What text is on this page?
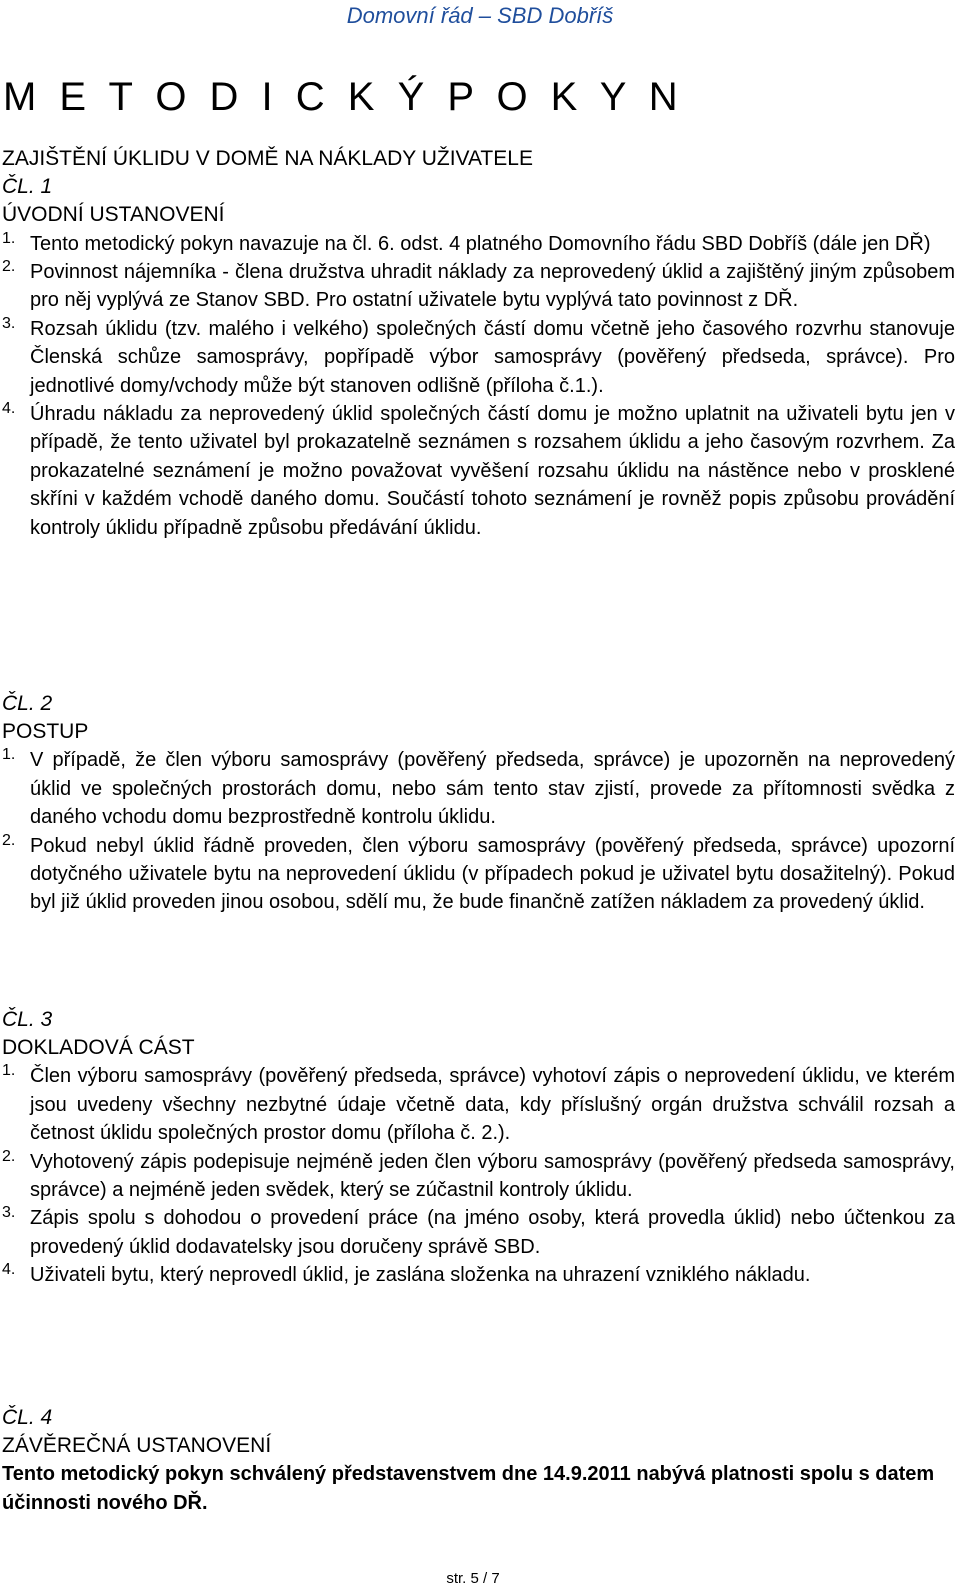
Domovní řád – SBD Dobříš
M E T O D I C K Ý P O K Y N
ZAJIŠTĚNÍ ÚKLIDU V DOMĚ NA NÁKLADY UŽIVATELE
ČL. 1
ÚVODNÍ USTANOVENÍ
1. Tento metodický pokyn navazuje na čl. 6. odst. 4 platného Domovního řádu SBD Dobříš (dále jen DŘ)
2. Povinnost nájemníka - člena družstva uhradit náklady za neprovedený úklid a zajištěný jiným způsobem pro něj vyplývá ze Stanov SBD. Pro ostatní uživatele bytu vyplývá tato povinnost z DŘ.
3. Rozsah úklidu (tzv. malého i velkého) společných částí domu včetně jeho časového rozvrhu stanovuje Členská schůze samosprávy, popřípadě výbor samosprávy (pověřený předseda, správce). Pro jednotlivé domy/vchody může být stanoven odlišně (příloha č.1.).
4. Úhradu nákladu za neprovedený úklid společných částí domu je možno uplatnit na uživateli bytu jen v případě, že tento uživatel byl prokazatelně seznámen s rozsahem úklidu a jeho časovým rozvrhem. Za prokazatelné seznámení je možno považovat vyvěšení rozsahu úklidu na nástěnce nebo v prosklené skříni v každém vchodě daného domu. Součástí tohoto seznámení je rovněž popis způsobu provádění kontroly úklidu případně způsobu předávání úklidu.
ČL. 2
POSTUP
1. V případě, že člen výboru samosprávy (pověřený předseda, správce) je upozorněn na neprovedený úklid ve společných prostorách domu, nebo sám tento stav zjistí, provede za přítomnosti svědka z daného vchodu domu bezprostředně kontrolu úklidu.
2. Pokud nebyl úklid řádně proveden, člen výboru samosprávy (pověřený předseda, správce) upozorní dotyčného uživatele bytu na neprovedení úklidu (v případech pokud je uživatel bytu dosažitelný). Pokud byl již úklid proveden jinou osobou, sdělí mu, že bude finančně zatížen nákladem za provedený úklid.
ČL. 3
DOKLADOVÁ CÁST
1. Člen výboru samosprávy (pověřený předseda, správce) vyhotoví zápis o neprovedení úklidu, ve kterém jsou uvedeny všechny nezbytné údaje včetně data, kdy příslušný orgán družstva schválil rozsah a četnost úklidu společných prostor domu (příloha č. 2.).
2. Vyhotovený zápis podepisuje nejméně jeden člen výboru samosprávy (pověřený předseda samosprávy, správce) a nejméně jeden svědek, který se zúčastnil kontroly úklidu.
3. Zápis spolu s dohodou o provedení práce (na jméno osoby, která provedla úklid) nebo účtenkou za provedený úklid dodavatelsky jsou doručeny správě SBD.
4. Uživateli bytu, který neprovedl úklid, je zaslána složenka na uhrazení vzniklého nákladu.
ČL. 4
ZÁVĚREČNÁ USTANOVENÍ
Tento metodický pokyn schválený představenstvem dne 14.9.2011 nabývá platnosti spolu s datem účinnosti nového DŘ.
str. 5 / 7
